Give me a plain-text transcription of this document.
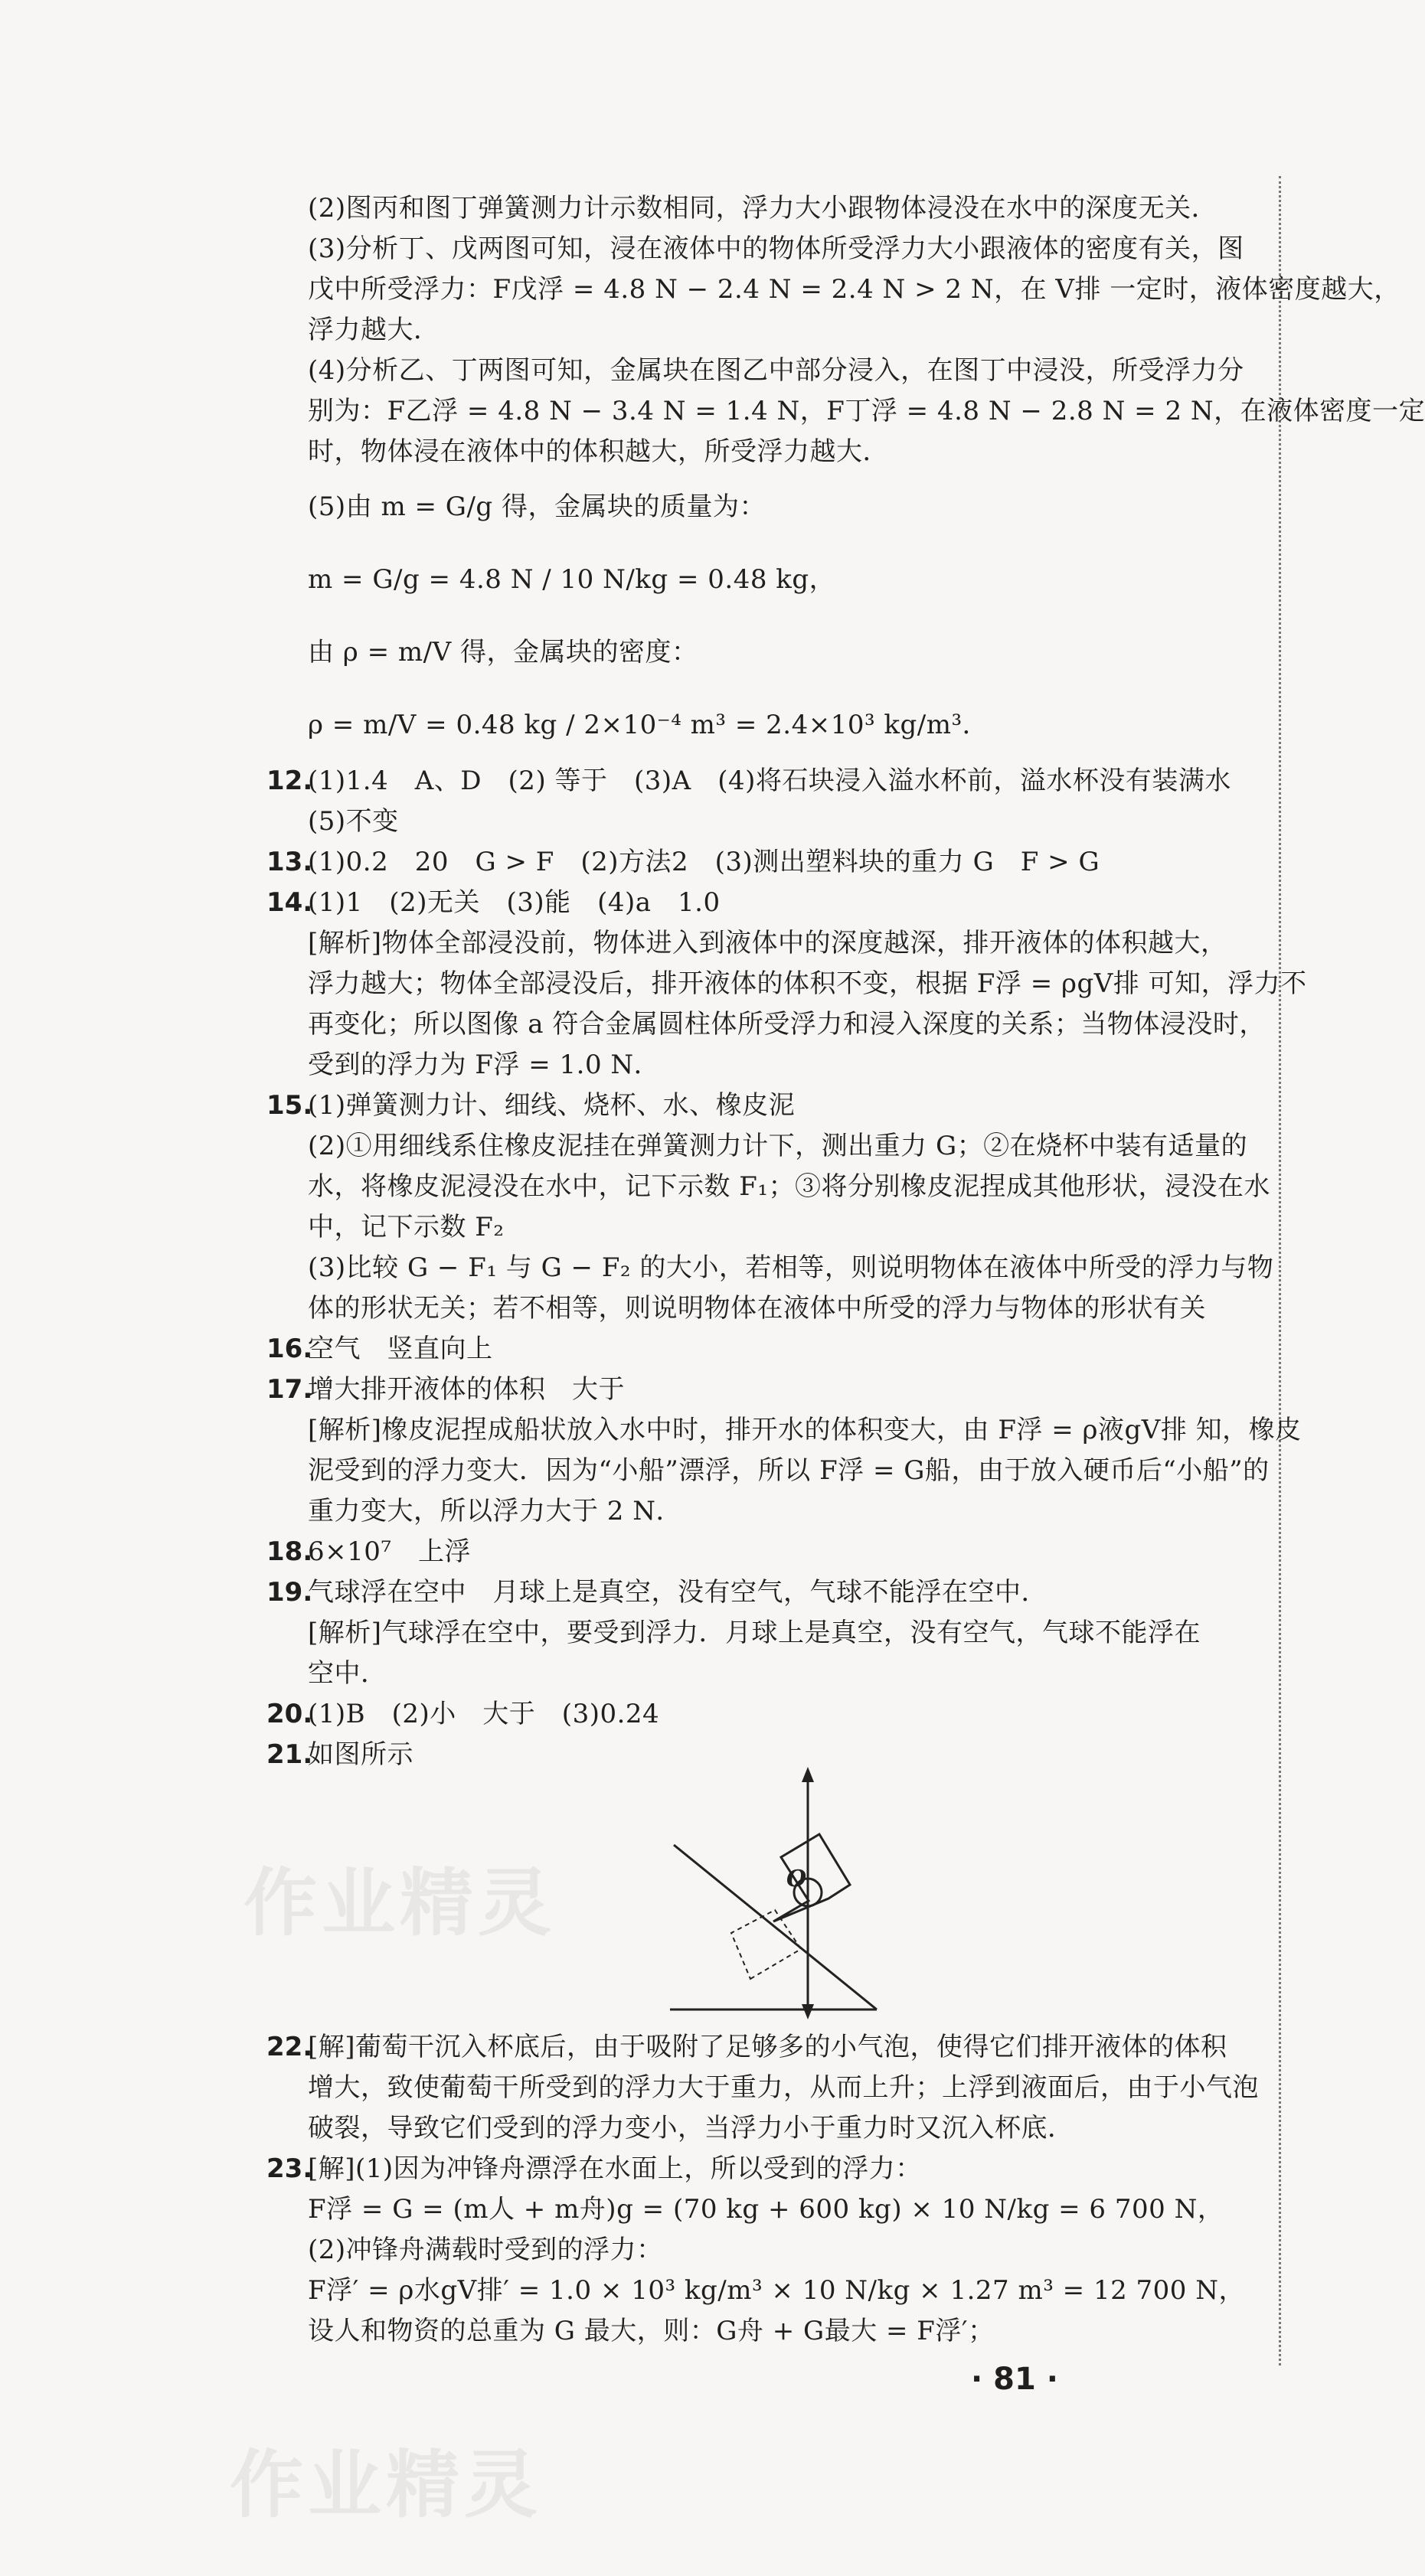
作业精灵
作业精灵
(2)图丙和图丁弹簧测力计示数相同，浮力大小跟物体浸没在水中的深度无关．
(3)分析丁、戊两图可知，浸在液体中的物体所受浮力大小跟液体的密度有关，图
戊中所受浮力：F戊浮 = 4.8 N − 2.4 N = 2.4 N > 2 N，在 V排 一定时，液体密度越大，
浮力越大．
(4)分析乙、丁两图可知，金属块在图乙中部分浸入，在图丁中浸没，所受浮力分
别为：F乙浮 = 4.8 N − 3.4 N = 1.4 N，F丁浮 = 4.8 N − 2.8 N = 2 N，在液体密度一定
时，物体浸在液体中的体积越大，所受浮力越大．
(5)由 m = G/g 得，金属块的质量为：
m = G/g = 4.8 N / 10 N/kg = 0.48 kg，
由 ρ = m/V 得，金属块的密度：
ρ = m/V = 0.48 kg / 2×10⁻⁴ m³ = 2.4×10³ kg/m³．
12.
(1)1.4　A、D　(2) 等于　(3)A　(4)将石块浸入溢水杯前，溢水杯没有装满水
(5)不变
13.
(1)0.2　20　G > F　(2)方法2　(3)测出塑料块的重力 G　F > G
14.
(1)1　(2)无关　(3)能　(4)a　1.0
[解析]物体全部浸没前，物体进入到液体中的深度越深，排开液体的体积越大，
浮力越大；物体全部浸没后，排开液体的体积不变，根据 F浮 = ρgV排 可知，浮力不
再变化；所以图像 a 符合金属圆柱体所受浮力和浸入深度的关系；当物体浸没时，
受到的浮力为 F浮 = 1.0 N．
15.
(1)弹簧测力计、细线、烧杯、水、橡皮泥
(2)①用细线系住橡皮泥挂在弹簧测力计下，测出重力 G；②在烧杯中装有适量的
水，将橡皮泥浸没在水中，记下示数 F₁；③将分别橡皮泥捏成其他形状，浸没在水
中，记下示数 F₂
(3)比较 G − F₁ 与 G − F₂ 的大小，若相等，则说明物体在液体中所受的浮力与物
体的形状无关；若不相等，则说明物体在液体中所受的浮力与物体的形状有关
16.
空气　竖直向上
17.
增大排开液体的体积　大于
[解析]橡皮泥捏成船状放入水中时，排开水的体积变大，由 F浮 = ρ液gV排 知，橡皮
泥受到的浮力变大．因为“小船”漂浮，所以 F浮 = G船，由于放入硬币后“小船”的
重力变大，所以浮力大于 2 N．
18.
6×10⁷　上浮
19.
气球浮在空中　月球上是真空，没有空气，气球不能浮在空中．
[解析]气球浮在空中，要受到浮力．月球上是真空，没有空气，气球不能浮在
空中．
20.
(1)B　(2)小　大于　(3)0.24
21.
如图所示
O
22.
[解]葡萄干沉入杯底后，由于吸附了足够多的小气泡，使得它们排开液体的体积
增大，致使葡萄干所受到的浮力大于重力，从而上升；上浮到液面后，由于小气泡
破裂，导致它们受到的浮力变小，当浮力小于重力时又沉入杯底．
23.
[解](1)因为冲锋舟漂浮在水面上，所以受到的浮力：
F浮 = G = (m人 + m舟)g = (70 kg + 600 kg) × 10 N/kg = 6 700 N，
(2)冲锋舟满载时受到的浮力：
F浮′ = ρ水gV排′ = 1.0 × 10³ kg/m³ × 10 N/kg × 1.27 m³ = 12 700 N，
设人和物资的总重为 G 最大，则：G舟 + G最大 = F浮′；
· 81 ·
